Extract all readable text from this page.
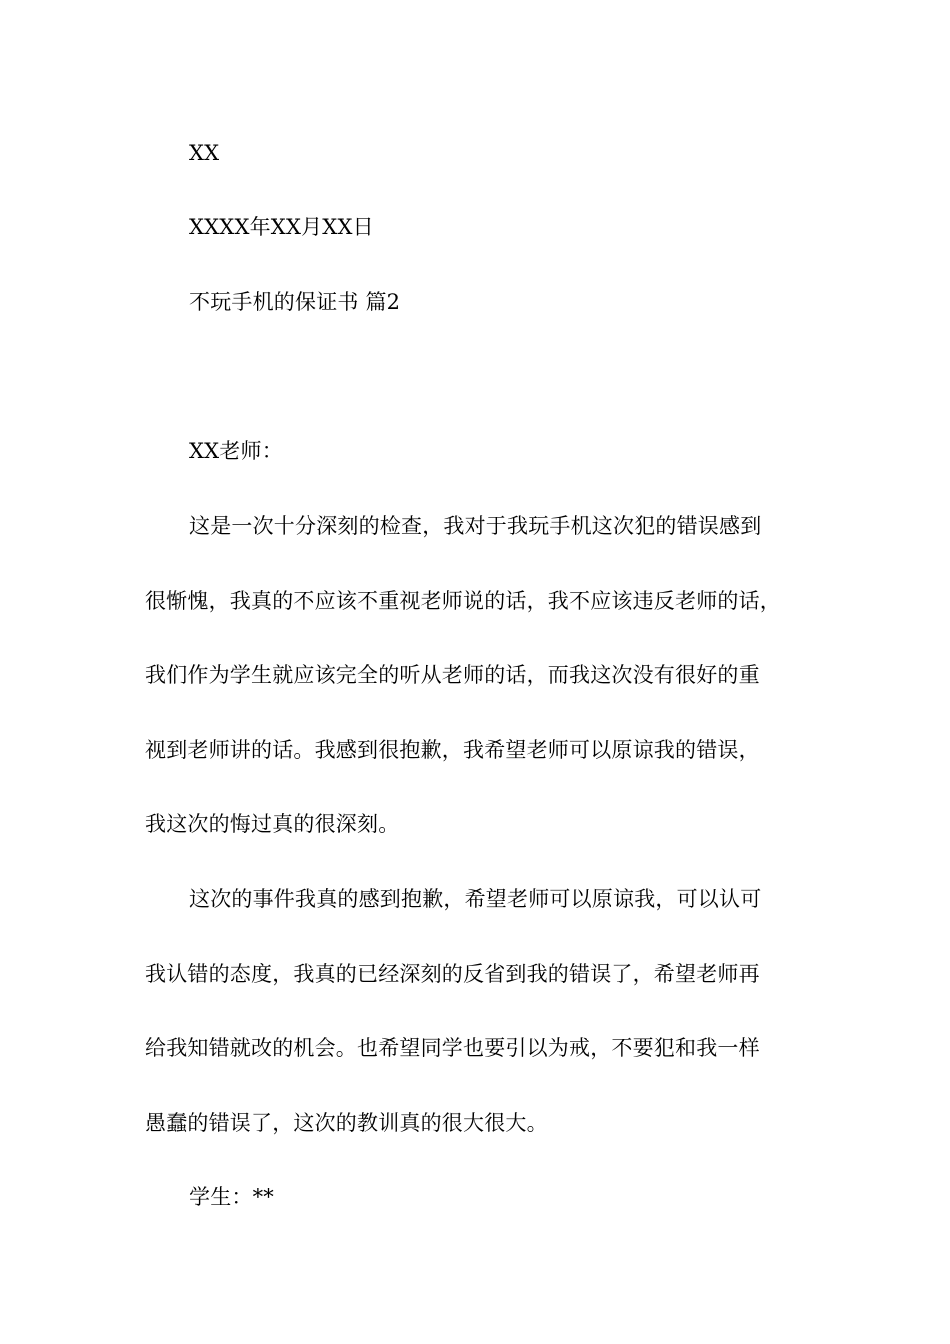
XX
XXXX年XX月XX日
不玩手机的保证书 篇2
XX老师：
这是一次十分深刻的检查，我对于我玩手机这次犯的错误感到
很惭愧，我真的不应该不重视老师说的话，我不应该违反老师的话，
我们作为学生就应该完全的听从老师的话，而我这次没有很好的重
视到老师讲的话。我感到很抱歉，我希望老师可以原谅我的错误，
我这次的悔过真的很深刻。
这次的事件我真的感到抱歉，希望老师可以原谅我，可以认可
我认错的态度，我真的已经深刻的反省到我的错误了，希望老师再
给我知错就改的机会。也希望同学也要引以为戒，不要犯和我一样
愚蠢的错误了，这次的教训真的很大很大。
学生：**
